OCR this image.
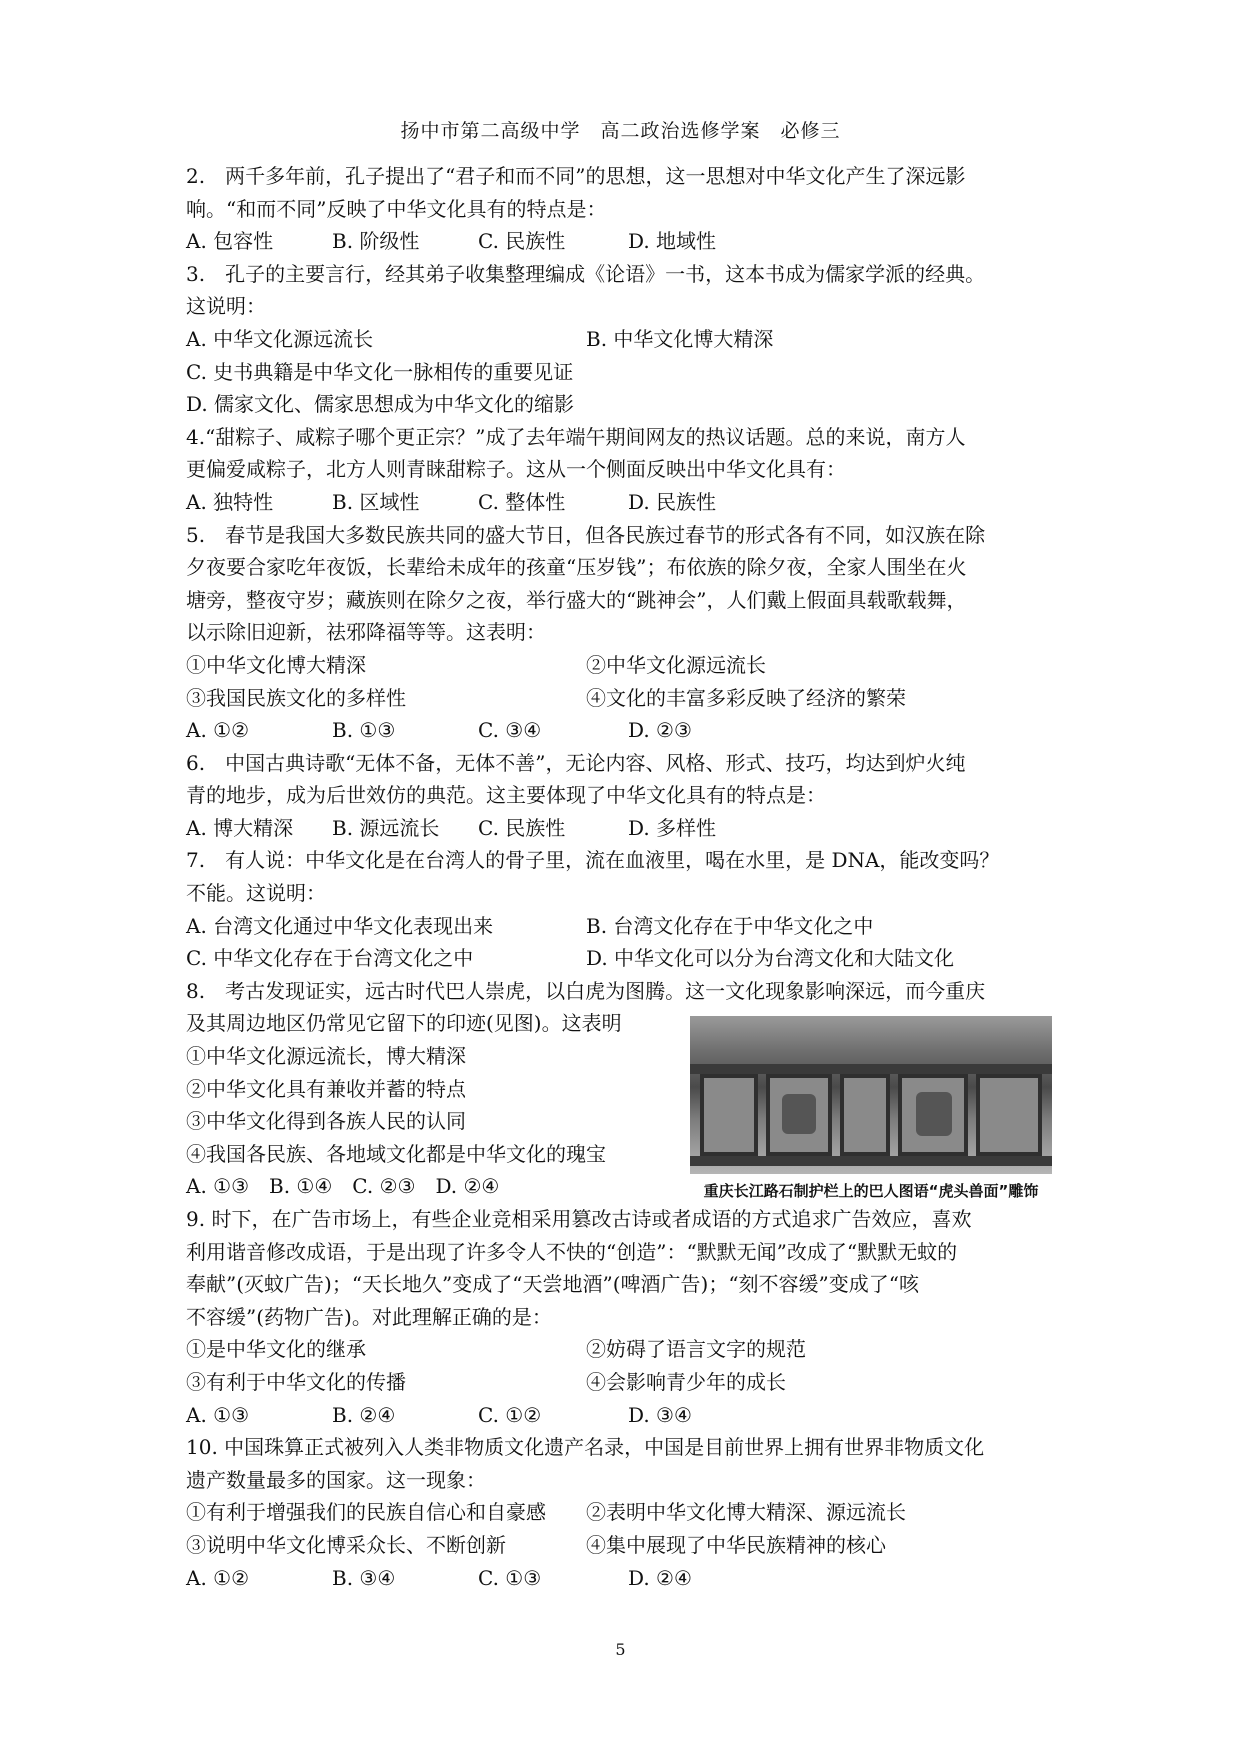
扬中市第二高级中学　高二政治选修学案　必修三
2.　两千多年前，孔子提出了“君子和而不同”的思想，这一思想对中华文化产生了深远影
响。“和而不同”反映了中华文化具有的特点是：
A. 包容性	B. 阶级性	C. 民族性	D. 地域性
3.　孔子的主要言行，经其弟子收集整理编成《论语》一书，这本书成为儒家学派的经典。
这说明：
A. 中华文化源远流长	B. 中华文化博大精深
C. 史书典籍是中华文化一脉相传的重要见证
D. 儒家文化、儒家思想成为中华文化的缩影
4.“甜粽子、咸粽子哪个更正宗？”成了去年端午期间网友的热议话题。总的来说，南方人
更偏爱咸粽子，北方人则青睐甜粽子。这从一个侧面反映出中华文化具有：
A. 独特性	B. 区域性	C. 整体性	D. 民族性
5.　春节是我国大多数民族共同的盛大节日，但各民族过春节的形式各有不同，如汉族在除
夕夜要合家吃年夜饭，长辈给未成年的孩童“压岁钱”；布依族的除夕夜，全家人围坐在火
塘旁，整夜守岁；藏族则在除夕之夜，举行盛大的“跳神会”，人们戴上假面具载歌载舞，
以示除旧迎新，祛邪降福等等。这表明：
①中华文化博大精深	②中华文化源远流长
③我国民族文化的多样性	④文化的丰富多彩反映了经济的繁荣
A. ①②	B. ①③	C. ③④	D. ②③
6.　中国古典诗歌“无体不备，无体不善”，无论内容、风格、形式、技巧，均达到炉火纯
青的地步，成为后世效仿的典范。这主要体现了中华文化具有的特点是：
A. 博大精深	B. 源远流长	C. 民族性	D. 多样性
7.　有人说：中华文化是在台湾人的骨子里，流在血液里，喝在水里，是 DNA，能改变吗？
不能。这说明：
A. 台湾文化通过中华文化表现出来	B. 台湾文化存在于中华文化之中
C. 中华文化存在于台湾文化之中	D. 中华文化可以分为台湾文化和大陆文化
8.　考古发现证实，远古时代巴人崇虎，以白虎为图腾。这一文化现象影响深远，而今重庆
及其周边地区仍常见它留下的印迹(见图)。这表明
①中华文化源远流长，博大精深
②中华文化具有兼收并蓄的特点
③中华文化得到各族人民的认同
④我国各民族、各地域文化都是中华文化的瑰宝
A. ①③　B. ①④　C. ②③　D. ②④
9. 时下，在广告市场上，有些企业竞相采用篡改古诗或者成语的方式追求广告效应，喜欢
利用谐音修改成语，于是出现了许多令人不快的“创造”：“默默无闻”改成了“默默无蚊的
奉献”(灭蚊广告)；“天长地久”变成了“天尝地酒”(啤酒广告)；“刻不容缓”变成了“咳
不容缓”(药物广告)。对此理解正确的是：
①是中华文化的继承	②妨碍了语言文字的规范
③有利于中华文化的传播	④会影响青少年的成长
A. ①③	B. ②④	C. ①②	D. ③④
10. 中国珠算正式被列入人类非物质文化遗产名录，中国是目前世界上拥有世界非物质文化
遗产数量最多的国家。这一现象：
①有利于增强我们的民族自信心和自豪感	②表明中华文化博大精深、源远流长
③说明中华文化博采众长、不断创新	④集中展现了中华民族精神的核心
A. ①②	B. ③④	C. ①③	D. ②④
重庆长江路石制护栏上的巴人图语“虎头兽面”雕饰
5
